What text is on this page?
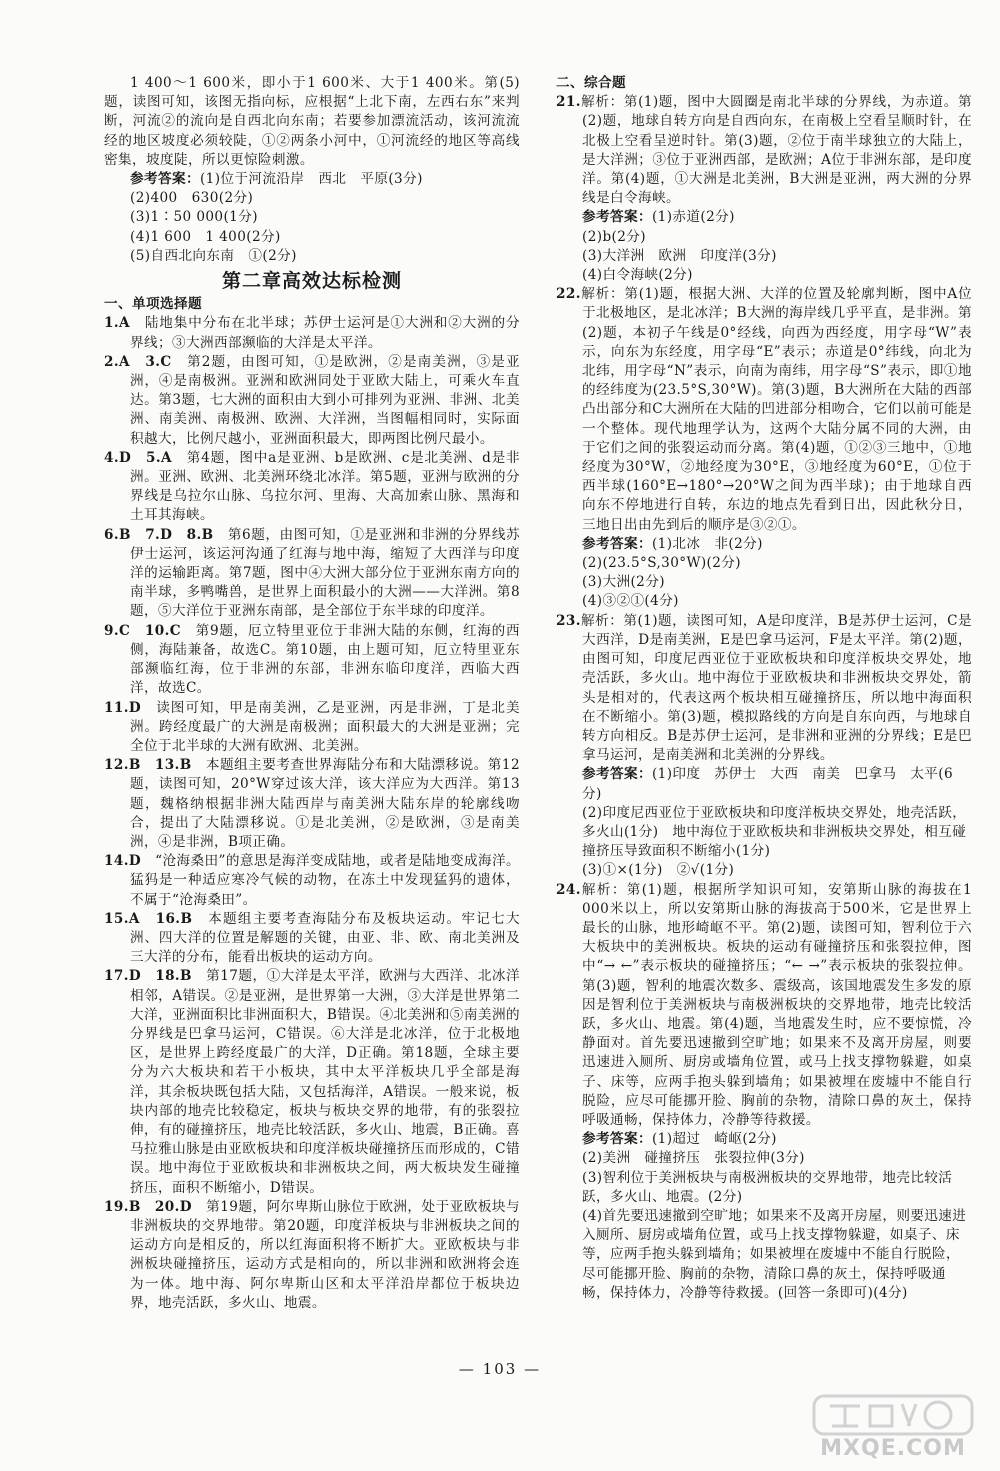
1 400～1 600米，即小于1 600米、大于1 400米。第(5)题，读图可知，该图无指向标，应根据“上北下南，左西右东”来判断，河流②的流向是自西北向东南；若要参加漂流活动，该河流流经的地区坡度必须较陡，①②两条小河中，①河流经的地区等高线密集，坡度陡，所以更惊险刺激。

参考答案：(1)位于河流沿岸　西北　平原(3分)

(2)400　630(2分)

(3)1∶50 000(1分)

(4)1 600　1 400(2分)

(5)自西北向东南　①(2分)

第二章高效达标检测

一、单项选择题

1.A　 陆地集中分布在北半球；苏伊士运河是①大洲和②大洲的分界线；③大洲西部濒临的大洋是太平洋。

2.A　3.C　 第2题，由图可知，①是欧洲，②是南美洲，③是亚洲，④是南极洲。亚洲和欧洲同处于亚欧大陆上，可乘火车直达。第3题，七大洲的面积由大到小可排列为亚洲、非洲、北美洲、南美洲、南极洲、欧洲、大洋洲，当图幅相同时，实际面积越大，比例尺越小，亚洲面积最大，即两图比例尺最小。

4.D　5.A　 第4题，图中a是亚洲、b是欧洲、c是北美洲、d是非洲。亚洲、欧洲、北美洲环绕北冰洋。第5题，亚洲与欧洲的分界线是乌拉尔山脉、乌拉尔河、里海、大高加索山脉、黑海和土耳其海峡。

6.B　7.D　8.B　 第6题，由图可知，①是亚洲和非洲的分界线苏伊士运河，该运河沟通了红海与地中海，缩短了大西洋与印度洋的运输距离。第7题，图中④大洲大部分位于亚洲东南方向的南半球，多鸭嘴兽，是世界上面积最小的大洲——大洋洲。第8题，⑤大洋位于亚洲东南部，是全部位于东半球的印度洋。

9.C　10.C　 第9题，厄立特里亚位于非洲大陆的东侧，红海的西侧，海陆兼备，故选C。第10题，由上题可知，厄立特里亚东部濒临红海，位于非洲的东部，非洲东临印度洋，西临大西洋，故选C。

11.D　 读图可知，甲是南美洲，乙是亚洲，丙是非洲，丁是北美洲。跨经度最广的大洲是南极洲；面积最大的大洲是亚洲；完全位于北半球的大洲有欧洲、北美洲。

12.B　13.B　 本题组主要考查世界海陆分布和大陆漂移说。第12题，读图可知，20°W穿过该大洋，该大洋应为大西洋。第13题，魏格纳根据非洲大陆西岸与南美洲大陆东岸的轮廓线吻合，提出了大陆漂移说。①是北美洲，②是欧洲，③是南美洲，④是非洲，B项正确。

14.D　 “沧海桑田”的意思是海洋变成陆地，或者是陆地变成海洋。猛犸是一种适应寒冷气候的动物，在冻土中发现猛犸的遗体，不属于“沧海桑田”。

15.A　16.B　 本题组主要考查海陆分布及板块运动。牢记七大洲、四大洋的位置是解题的关键，由亚、非、欧、南北美洲及三大洋的分布，能看出板块的运动方向。

17.D　18.B　 第17题，①大洋是太平洋，欧洲与大西洋、北冰洋相邻，A错误。②是亚洲，是世界第一大洲，③大洋是世界第二大洋，亚洲面积比非洲面积大，B错误。④北美洲和⑤南美洲的分界线是巴拿马运河，C错误。⑥大洋是北冰洋，位于北极地区，是世界上跨经度最广的大洋，D正确。第18题，全球主要分为六大板块和若干小板块，其中太平洋板块几乎全部是海洋，其余板块既包括大陆，又包括海洋，A错误。一般来说，板块内部的地壳比较稳定，板块与板块交界的地带，有的张裂拉伸，有的碰撞挤压，地壳比较活跃，多火山、地震，B正确。喜马拉雅山脉是由亚欧板块和印度洋板块碰撞挤压而形成的，C错误。地中海位于亚欧板块和非洲板块之间，两大板块发生碰撞挤压，面积不断缩小，D错误。

19.B　20.D　 第19题，阿尔卑斯山脉位于欧洲，处于亚欧板块与非洲板块的交界地带。第20题，印度洋板块与非洲板块之间的运动方向是相反的，所以红海面积将不断扩大。亚欧板块与非洲板块碰撞挤压，运动方式是相向的，所以非洲和欧洲将会连为一体。地中海、阿尔卑斯山区和太平洋沿岸都位于板块边界，地壳活跃，多火山、地震。

二、综合题

21.解析：第(1)题，图中大圆圈是南北半球的分界线，为赤道。第(2)题，地球自转方向是自西向东，在南极上空看呈顺时针，在北极上空看呈逆时针。第(3)题，②位于南半球独立的大陆上，是大洋洲；③位于亚洲西部，是欧洲；A位于非洲东部，是印度洋。第(4)题，①大洲是北美洲，B大洲是亚洲，两大洲的分界线是白令海峡。

参考答案：(1)赤道(2分)

(2)b(2分)

(3)大洋洲　欧洲　印度洋(3分)

(4)白令海峡(2分)

22.解析：第(1)题，根据大洲、大洋的位置及轮廓判断，图中A位于北极地区，是北冰洋；B大洲的海岸线几乎平直，是非洲。第(2)题，本初子午线是0°经线，向西为西经度，用字母“W”表示，向东为东经度，用字母“E”表示；赤道是0°纬线，向北为北纬，用字母“N”表示，向南为南纬，用字母“S”表示，即①地的经纬度为(23.5°S,30°W)。第(3)题，B大洲所在大陆的西部凸出部分和C大洲所在大陆的凹进部分相吻合，它们以前可能是一个整体。现代地理学认为，这两个大陆分属不同的大洲，由于它们之间的张裂运动而分离。第(4)题，①②③三地中，①地经度为30°W，②地经度为30°E，③地经度为60°E，①位于西半球(160°E→180°→20°W之间为西半球)；由于地球自西向东不停地进行自转，东边的地点先看到日出，因此秋分日，三地日出由先到后的顺序是③②①。

参考答案：(1)北冰　非(2分)

(2)(23.5°S,30°W)(2分)

(3)大洲(2分)

(4)③②①(4分)

23.解析：第(1)题，读图可知，A是印度洋，B是苏伊士运河，C是大西洋，D是南美洲，E是巴拿马运河，F是太平洋。第(2)题，由图可知，印度尼西亚位于亚欧板块和印度洋板块交界处，地壳活跃，多火山。地中海位于亚欧板块和非洲板块交界处，箭头是相对的，代表这两个板块相互碰撞挤压，所以地中海面积在不断缩小。第(3)题，模拟路线的方向是自东向西，与地球自转方向相反。B是苏伊士运河，是非洲和亚洲的分界线；E是巴拿马运河，是南美洲和北美洲的分界线。

参考答案：(1)印度　苏伊士　大西　南美　巴拿马　太平(6分)

(2)印度尼西亚位于亚欧板块和印度洋板块交界处，地壳活跃，多火山(1分)　地中海位于亚欧板块和非洲板块交界处，相互碰撞挤压导致面积不断缩小(1分)

(3)①×(1分)　②√(1分)

24.解析：第(1)题，根据所学知识可知，安第斯山脉的海拔在1 000米以上，所以安第斯山脉的海拔高于500米，它是世界上最长的山脉，地形崎岖不平。第(2)题，读图可知，智利位于六大板块中的美洲板块。板块的运动有碰撞挤压和张裂拉伸，图中“→ ←”表示板块的碰撞挤压；“← →”表示板块的张裂拉伸。第(3)题，智利的地震次数多、震级高，该国地震发生多发的原因是智利位于美洲板块与南极洲板块的交界地带，地壳比较活跃，多火山、地震。第(4)题，当地震发生时，应不要惊慌，冷静面对。首先要迅速撤到空旷地；如果来不及离开房屋，则要迅速进入厕所、厨房或墙角位置，或马上找支撑物躲避，如桌子、床等，应两手抱头躲到墙角；如果被埋在废墟中不能自行脱险，应尽可能挪开脸、胸前的杂物，清除口鼻的灰土，保持呼吸通畅，保持体力，冷静等待救援。

参考答案：(1)超过　崎岖(2分)

(2)美洲　碰撞挤压　张裂拉伸(3分)

(3)智利位于美洲板块与南极洲板块的交界地带，地壳比较活跃，多火山、地震。(2分)

(4)首先要迅速撤到空旷地；如果来不及离开房屋，则要迅速进入厕所、厨房或墙角位置，或马上找支撑物躲避，如桌子、床等，应两手抱头躲到墙角；如果被埋在废墟中不能自行脱险，尽可能挪开脸、胸前的杂物，清除口鼻的灰土，保持呼吸通畅，保持体力，冷静等待救援。(回答一条即可)(4分)

— 103 —
MXQE.COM
